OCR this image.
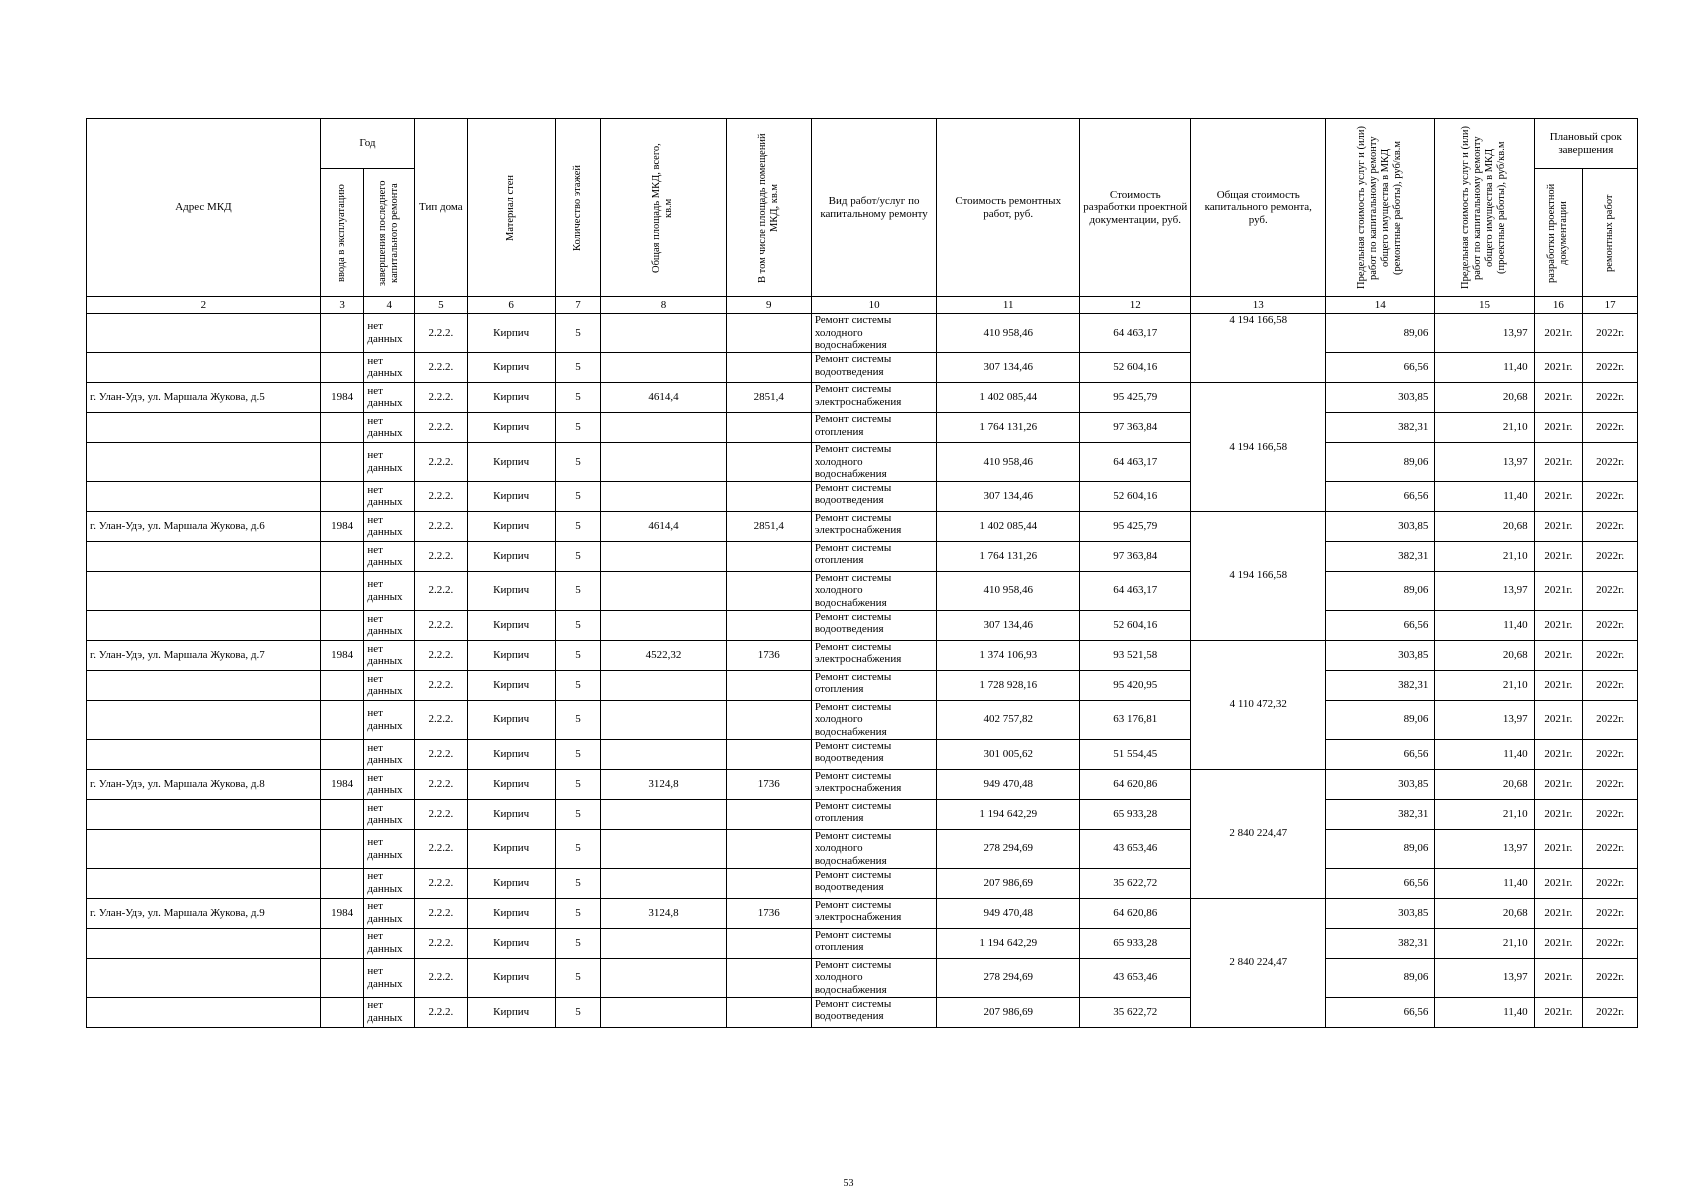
Адрес МКД	Год		Тип дома	Материал стен	Количество этажей	Общая площадь МКД, всего, кв.м	В том числе площадь помещений МКД, кв.м	Вид работ/услуг по капитальному ремонту	Стоимость ремонтных работ, руб.	Стоимость разработки проектной документации, руб.	Общая стоимость капитального ремонта, руб.	Предельная стоимость услуг и (или) работ по капитальному ремонту общего имущества в МКД (ремонтные работы), руб/кв.м	Предельная стоимость услуг и (или) работ по капитальному ремонту общего имущества в МКД (проектные работы), руб/кв.м	Плановый срок завершения	

	ввода в эксплуатацию	завершения последнего капитального ремонта												разработки проектной документации	ремонтных работ

2	3	4	5	6	7	8	9	10	11	12	13	14	15	16	17
		нет данных	2.2.2.	Кирпич	5			Ремонт системы холодного водоснабжения	410 958,46	64 463,17	4 194 166,58	89,06	13,97	2021г.	2022г.
		нет данных	2.2.2.	Кирпич	5			Ремонт системы водоотведения	307 134,46	52 604,16		66,56	11,40	2021г.	2022г.
г. Улан-Удэ, ул. Маршала Жукова, д.5	1984	нет данных	2.2.2.	Кирпич	5	4614,4	2851,4	Ремонт системы электроснабжения	1 402 085,44	95 425,79	4 194 166,58	303,85	20,68	2021г.	2022г.
		нет данных	2.2.2.	Кирпич	5			Ремонт системы отопления	1 764 131,26	97 363,84		382,31	21,10	2021г.	2022г.
		нет данных	2.2.2.	Кирпич	5			Ремонт системы холодного водоснабжения	410 958,46	64 463,17		89,06	13,97	2021г.	2022г.
		нет данных	2.2.2.	Кирпич	5			Ремонт системы водоотведения	307 134,46	52 604,16		66,56	11,40	2021г.	2022г.
г. Улан-Удэ, ул. Маршала Жукова, д.6	1984	нет данных	2.2.2.	Кирпич	5	4614,4	2851,4	Ремонт системы электроснабжения	1 402 085,44	95 425,79	4 194 166,58	303,85	20,68	2021г.	2022г.
		нет данных	2.2.2.	Кирпич	5			Ремонт системы отопления	1 764 131,26	97 363,84		382,31	21,10	2021г.	2022г.
		нет данных	2.2.2.	Кирпич	5			Ремонт системы холодного водоснабжения	410 958,46	64 463,17		89,06	13,97	2021г.	2022г.
		нет данных	2.2.2.	Кирпич	5			Ремонт системы водоотведения	307 134,46	52 604,16		66,56	11,40	2021г.	2022г.
г. Улан-Удэ, ул. Маршала Жукова, д.7	1984	нет данных	2.2.2.	Кирпич	5	4522,32	1736	Ремонт системы электроснабжения	1 374 106,93	93 521,58	4 110 472,32	303,85	20,68	2021г.	2022г.
		нет данных	2.2.2.	Кирпич	5			Ремонт системы отопления	1 728 928,16	95 420,95		382,31	21,10	2021г.	2022г.
		нет данных	2.2.2.	Кирпич	5			Ремонт системы холодного водоснабжения	402 757,82	63 176,81		89,06	13,97	2021г.	2022г.
		нет данных	2.2.2.	Кирпич	5			Ремонт системы водоотведения	301 005,62	51 554,45		66,56	11,40	2021г.	2022г.
г. Улан-Удэ, ул. Маршала Жукова, д.8	1984	нет данных	2.2.2.	Кирпич	5	3124,8	1736	Ремонт системы электроснабжения	949 470,48	64 620,86	2 840 224,47	303,85	20,68	2021г.	2022г.
		нет данных	2.2.2.	Кирпич	5			Ремонт системы отопления	1 194 642,29	65 933,28		382,31	21,10	2021г.	2022г.
		нет данных	2.2.2.	Кирпич	5			Ремонт системы холодного водоснабжения	278 294,69	43 653,46		89,06	13,97	2021г.	2022г.
		нет данных	2.2.2.	Кирпич	5			Ремонт системы водоотведения	207 986,69	35 622,72		66,56	11,40	2021г.	2022г.
г. Улан-Удэ, ул. Маршала Жукова, д.9	1984	нет данных	2.2.2.	Кирпич	5	3124,8	1736	Ремонт системы электроснабжения	949 470,48	64 620,86	2 840 224,47	303,85	20,68	2021г.	2022г.
		нет данных	2.2.2.	Кирпич	5			Ремонт системы отопления	1 194 642,29	65 933,28		382,31	21,10	2021г.	2022г.
		нет данных	2.2.2.	Кирпич	5			Ремонт системы холодного водоснабжения	278 294,69	43 653,46		89,06	13,97	2021г.	2022г.
		нет данных	2.2.2.	Кирпич	5			Ремонт системы водоотведения	207 986,69	35 622,72		66,56	11,40	2021г.	2022г.
53
